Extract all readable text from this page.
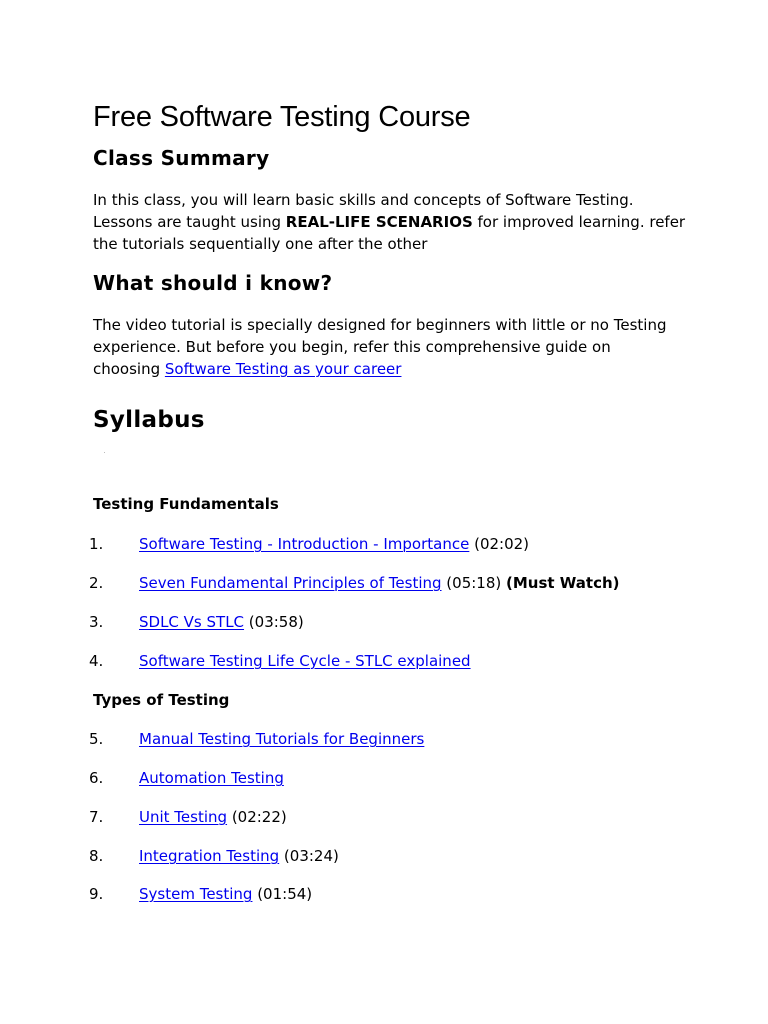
Free Software Testing Course
Class Summary
In this class, you will learn basic skills and concepts of Software Testing.
Lessons are taught using REAL-LIFE SCENARIOS for improved learning. refer
the tutorials sequentially one after the other
What should i know?
The video tutorial is specially designed for beginners with little or no Testing
experience. But before you begin, refer this comprehensive guide on
choosing Software Testing as your career
Syllabus
Testing Fundamentals
1. Software Testing - Introduction - Importance (02:02)
2. Seven Fundamental Principles of Testing (05:18) (Must Watch)
3. SDLC Vs STLC (03:58)
4. Software Testing Life Cycle - STLC explained
Types of Testing
5. Manual Testing Tutorials for Beginners
6. Automation Testing
7. Unit Testing (02:22)
8. Integration Testing (03:24)
9. System Testing (01:54)
